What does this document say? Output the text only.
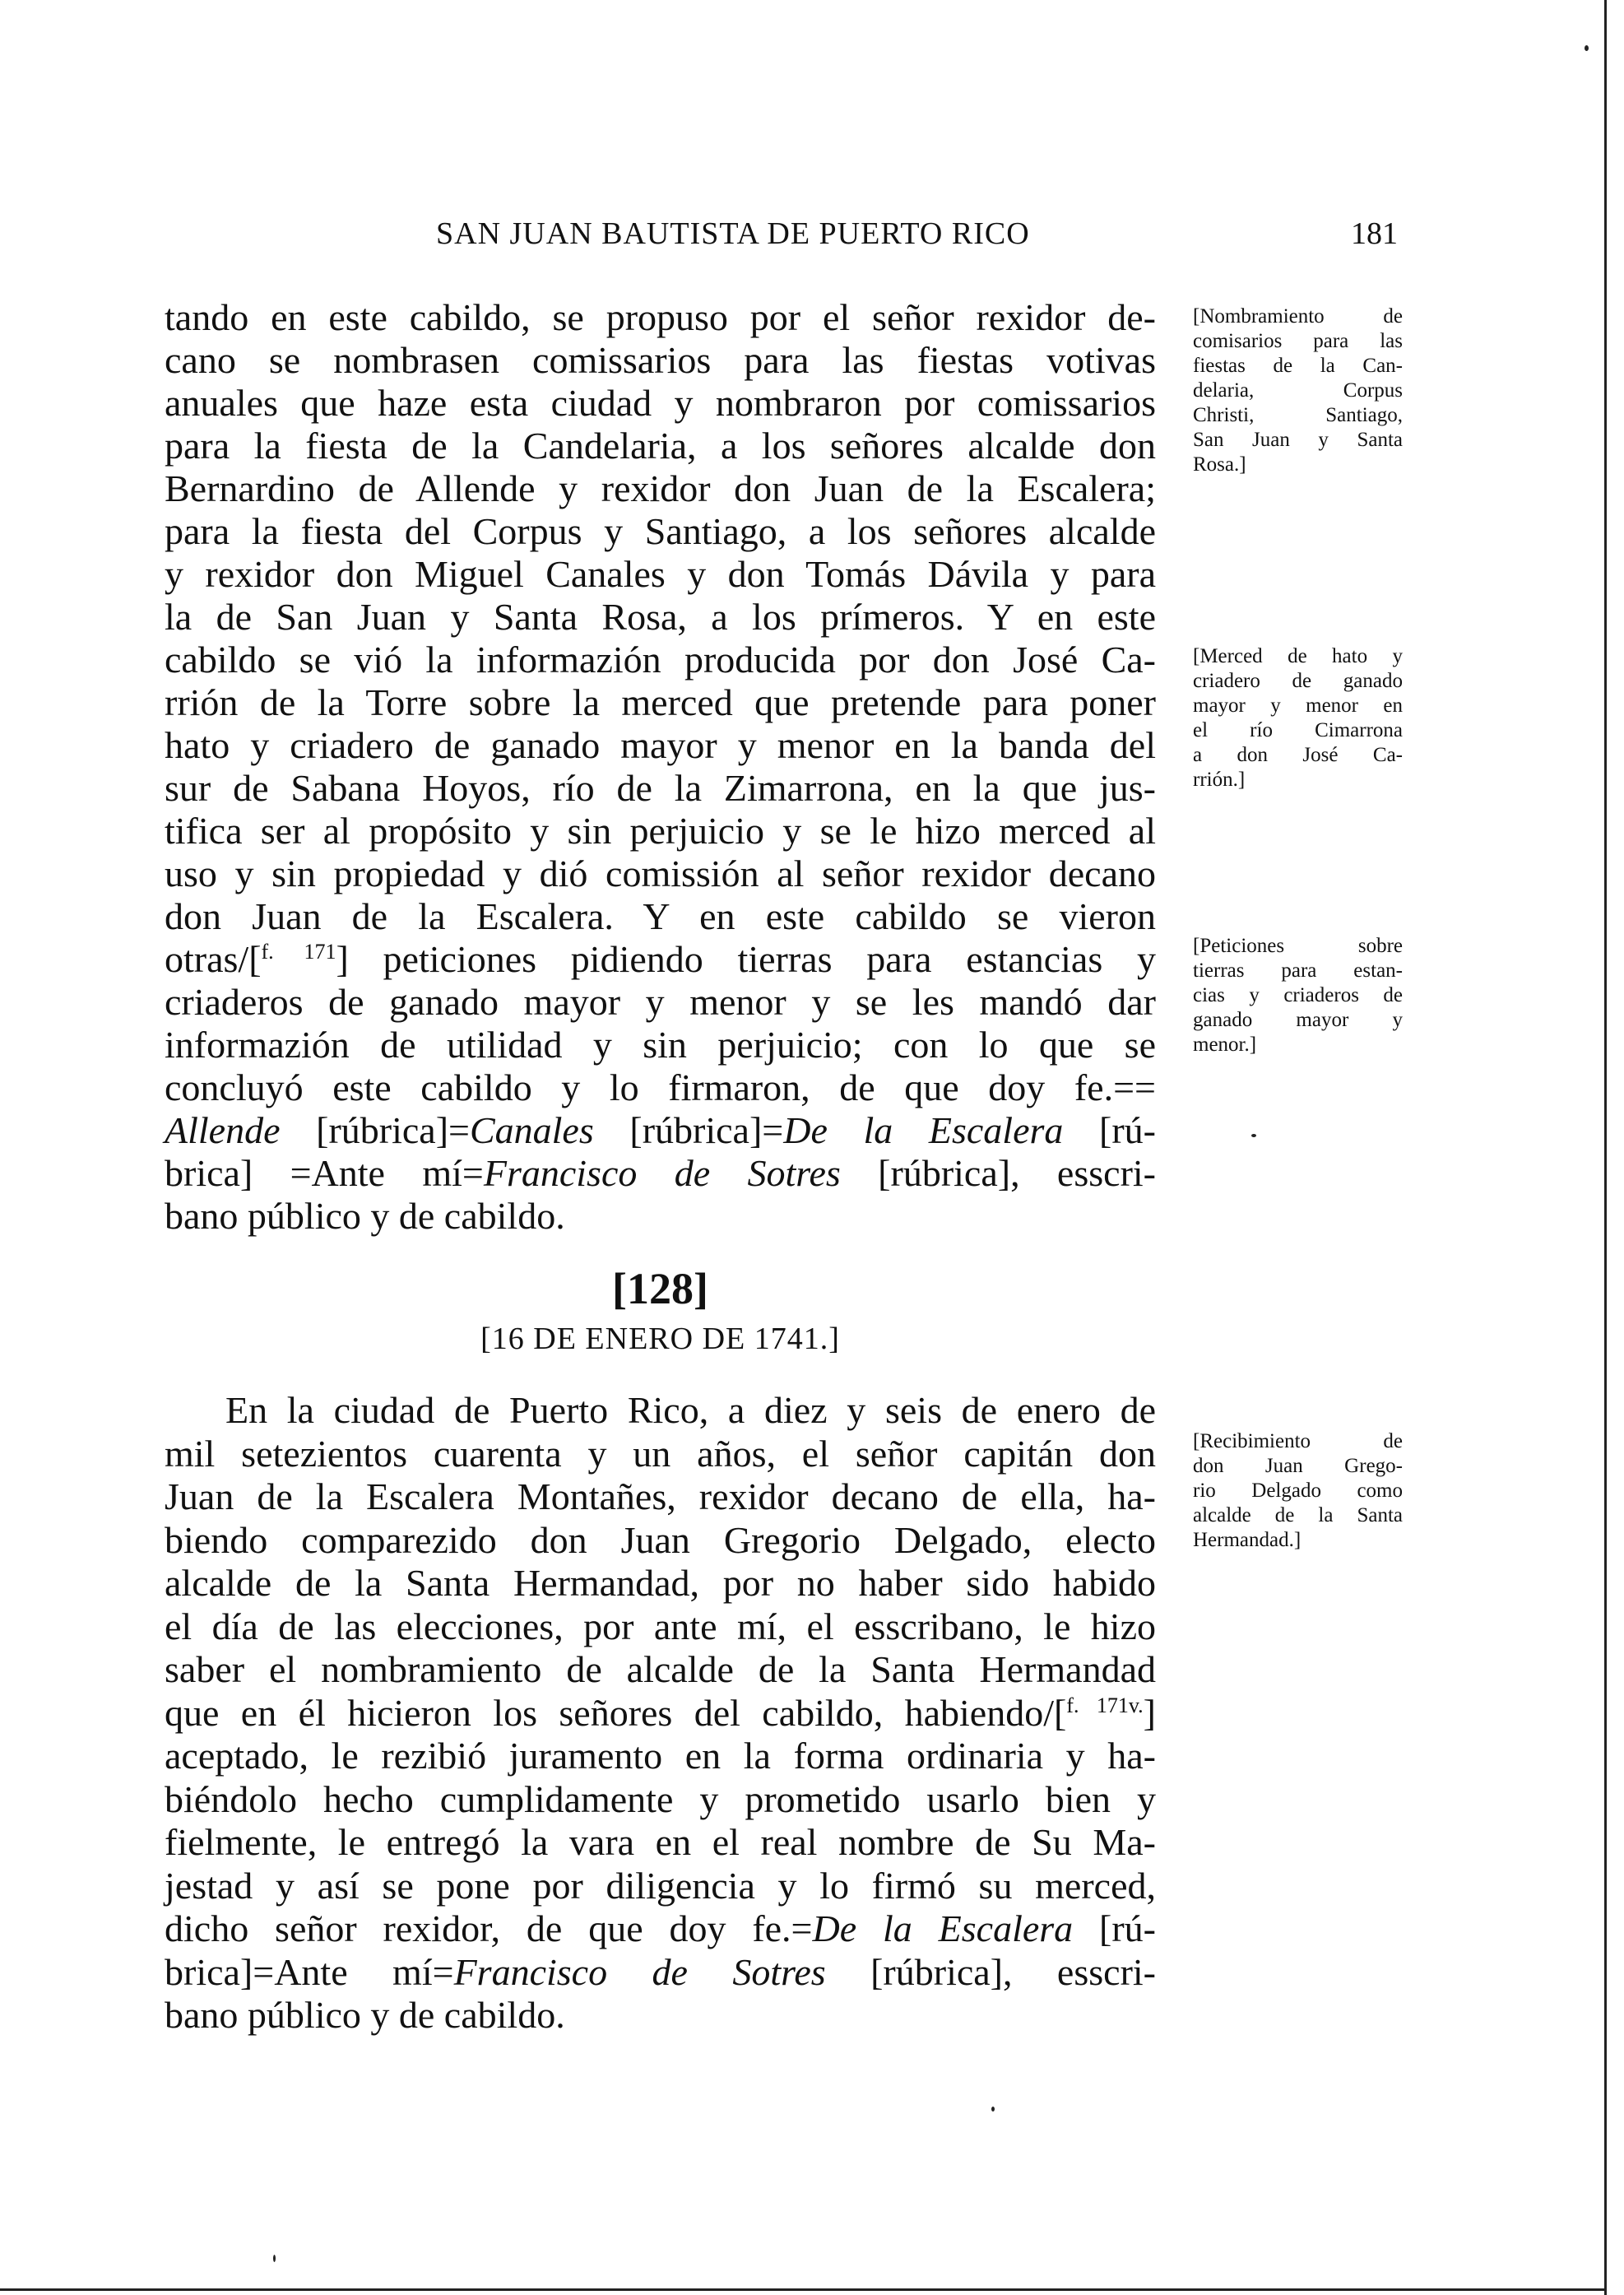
SAN JUAN BAUTISTA DE PUERTO RICO	181
tando en este cabildo, se propuso por el señor rexidor de-
cano se nombrasen comissarios para las fiestas votivas
anuales que haze esta ciudad y nombraron por comissarios
para la fiesta de la Candelaria, a los señores alcalde don
Bernardino de Allende y rexidor don Juan de la Escalera;
para la fiesta del Corpus y Santiago, a los señores alcalde
y rexidor don Miguel Canales y don Tomás Dávila y para
la de San Juan y Santa Rosa, a los prímeros. Y en este
cabildo se vió la informazión producida por don José Ca-
rrión de la Torre sobre la merced que pretende para poner
hato y criadero de ganado mayor y menor en la banda del
sur de Sabana Hoyos, río de la Zimarrona, en la que jus-
tifica ser al propósito y sin perjuicio y se le hizo merced al
uso y sin propiedad y dió comissión al señor rexidor decano
don Juan de la Escalera. Y en este cabildo se vieron
otras/[$^{f. 171}$] peticiones pidiendo tierras para estancias y
criaderos de ganado mayor y menor y se les mandó dar
informazión de utilidad y sin perjuicio; con lo que se
concluyó este cabildo y lo firmaron, de que doy fe.==
Allende [rúbrica]=Canales [rúbrica]=De la Escalera [rú-
brica] =Ante mí=Francisco de Sotres [rúbrica], esscri-
bano público y de cabildo.
[128]
[16 DE ENERO DE 1741.]
En la ciudad de Puerto Rico, a diez y seis de enero de
mil setezientos cuarenta y un años, el señor capitán don
Juan de la Escalera Montañes, rexidor decano de ella, ha-
biendo comparezido don Juan Gregorio Delgado, electo
alcalde de la Santa Hermandad, por no haber sido habido
el día de las elecciones, por ante mí, el esscribano, le hizo
saber el nombramiento de alcalde de la Santa Hermandad
que en él hicieron los señores del cabildo, habiendo/[$^{f. 171v.}$]
aceptado, le rezibió juramento en la forma ordinaria y ha-
biéndolo hecho cumplidamente y prometido usarlo bien y
fielmente, le entregó la vara en el real nombre de Su Ma-
jestad y así se pone por diligencia y lo firmó su merced,
dicho señor rexidor, de que doy fe.=De la Escalera [rú-
brica]=Ante mí=Francisco de Sotres [rúbrica], esscri-
bano público y de cabildo.
[Nombramiento de
comisarios para las
fiestas de la Can-
delaria, Corpus
Christi, Santiago,
San Juan y Santa
Rosa.]
[Merced de hato y
criadero de ganado
mayor y menor en
el río Cimarrona
a don José Ca-
rrión.]
[Peticiones sobre
tierras para estan-
cias y criaderos de
ganado mayor y
menor.]
[Recibimiento de
don Juan Grego-
rio Delgado como
alcalde de la Santa
Hermandad.]
